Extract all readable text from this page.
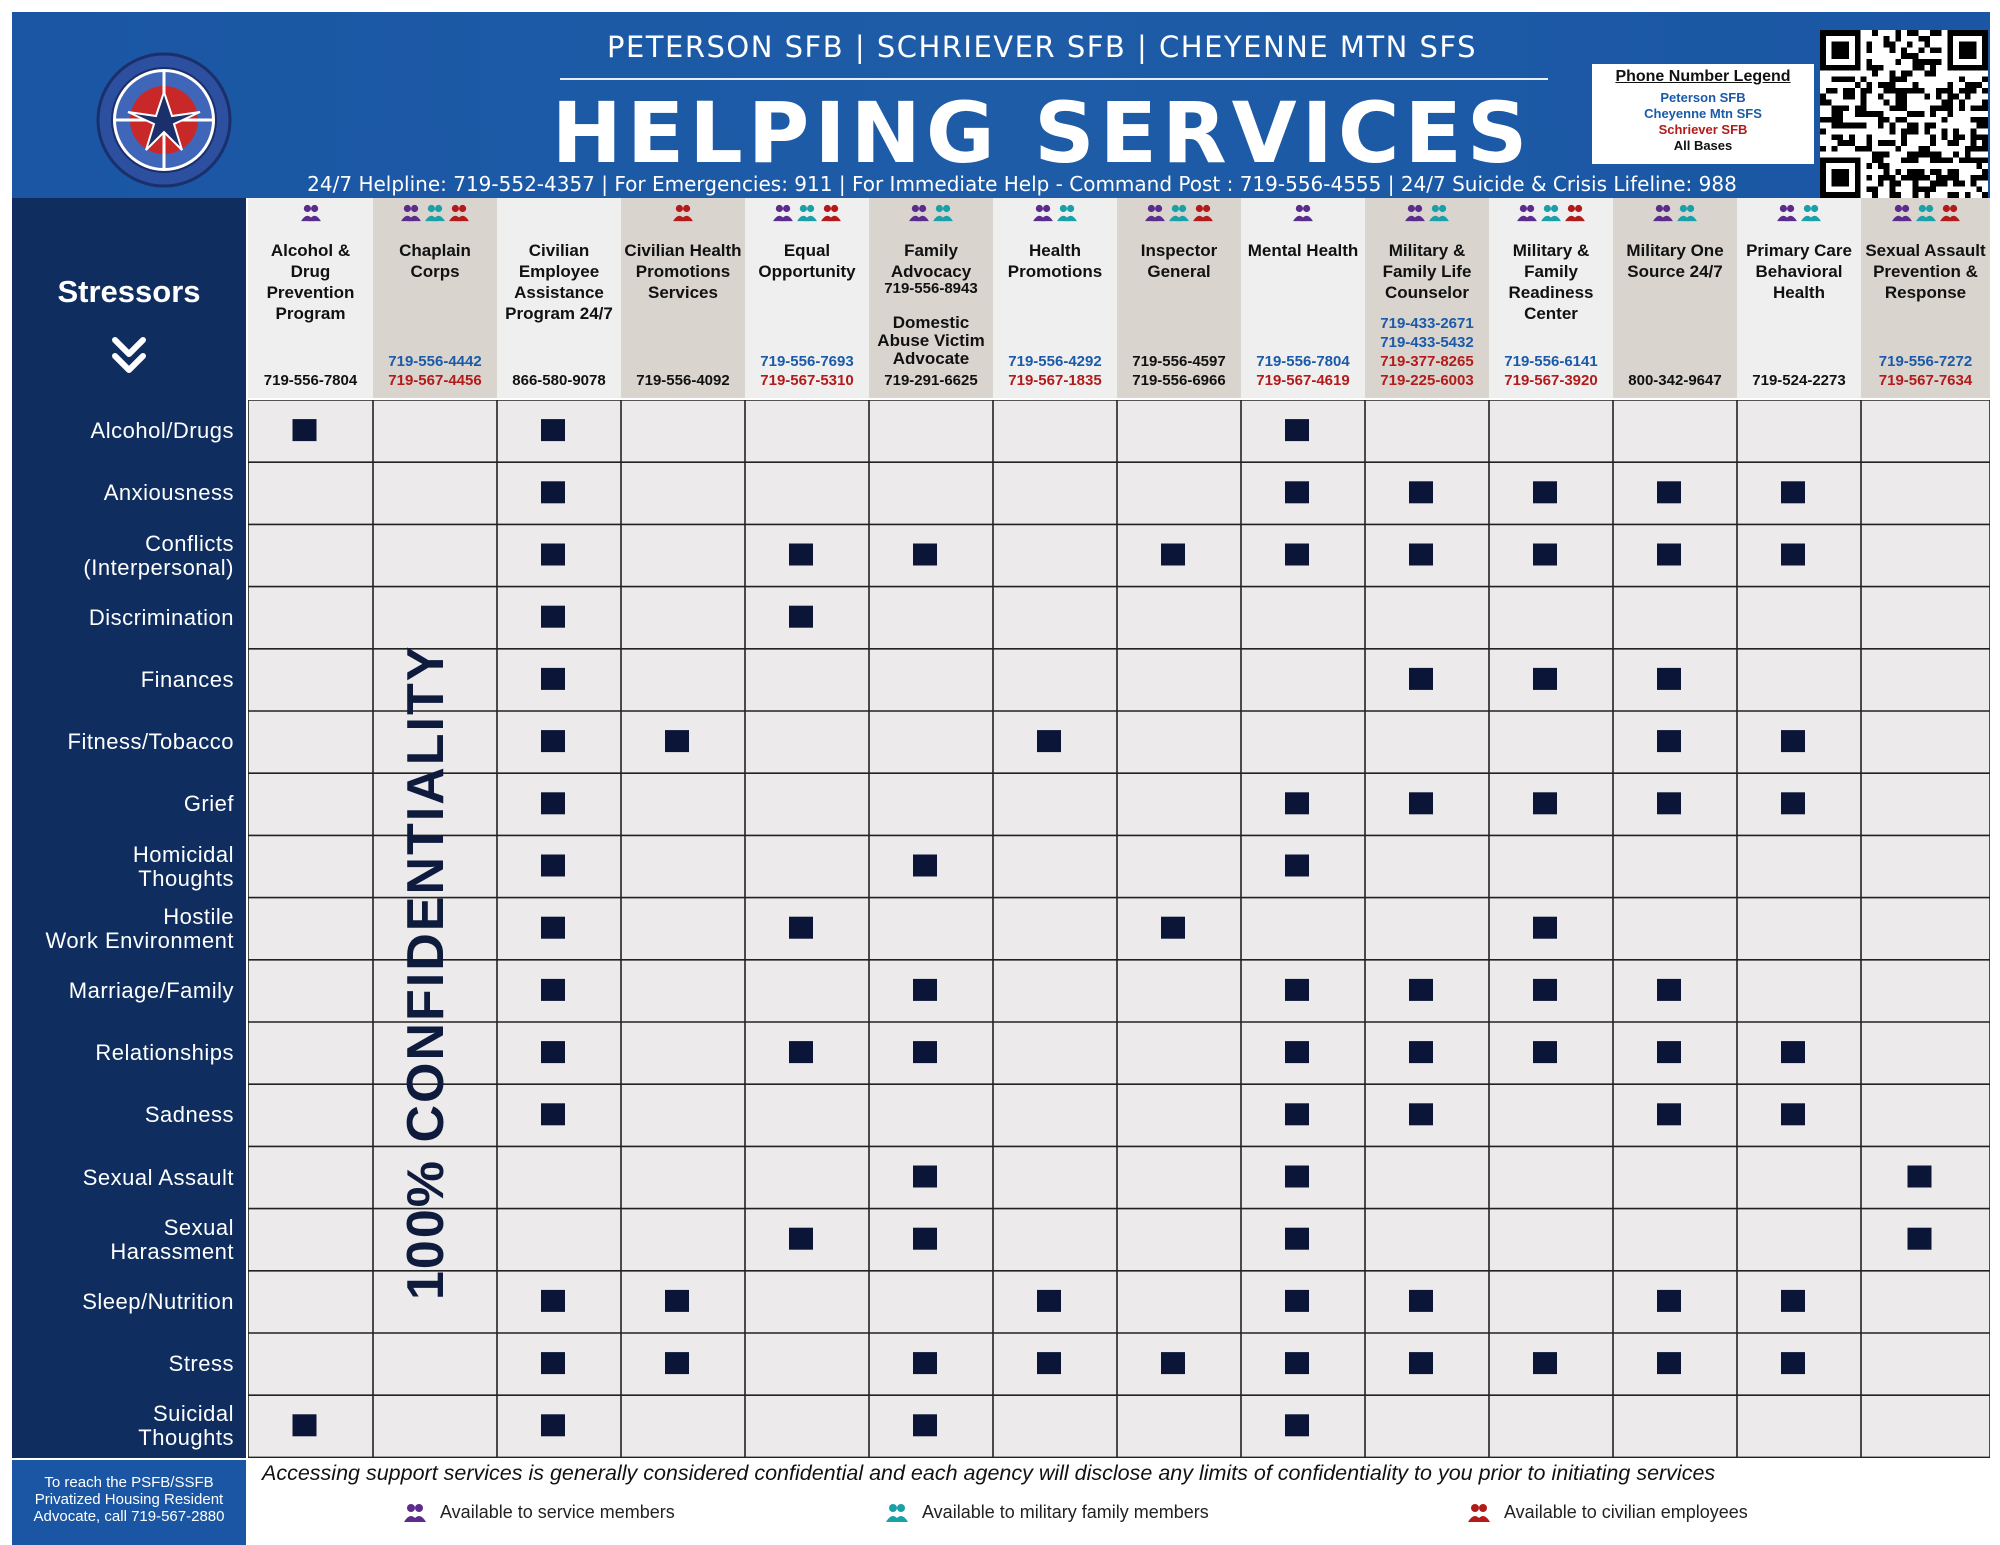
PETERSON SFB | SCHRIEVER SFB | CHEYENNE MTN SFS
HELPING SERVICES
24/7 Helpline: 719-552-4357 | For Emergencies: 911 | For Immediate Help - Command Post : 719-556-4555 | 24/7 Suicide & Crisis Lifeline: 988
Phone Number Legend
Peterson SFB
Cheyenne Mtn SFS
Schriever SFB
All Bases
Stressors
Alcohol/Drugs
Anxiousness
Conflicts
(Interpersonal)
Discrimination
Finances
Fitness/Tobacco
Grief
Homicidal
Thoughts
Hostile
Work Environment
Marriage/Family
Relationships
Sadness
Sexual Assault
Sexual
Harassment
Sleep/Nutrition
Stress
Suicidal
Thoughts
To reach the PSFB/SSFB Privatized Housing Resident Advocate, call 719-567-2880
Alcohol & Drug Prevention Program
719-556-7804
Chaplain Corps
719-556-4442
719-567-4456
Civilian Employee Assistance Program 24/7
866-580-9078
Civilian Health Promotions Services
719-556-4092
Equal Opportunity
719-556-7693
719-567-5310
Family Advocacy
719-556-8943
Domestic Abuse Victim Advocate
719-291-6625
Health Promotions
719-556-4292
719-567-1835
Inspector General
719-556-4597
719-556-6966
Mental Health
719-556-7804
719-567-4619
Military & Family Life Counselor
719-433-2671
719-433-5432
719-377-8265
719-225-6003
Military & Family Readiness Center
719-556-6141
719-567-3920
Military One Source 24/7
800-342-9647
Primary Care Behavioral Health
719-524-2273
Sexual Assault Prevention & Response
719-556-7272
719-567-7634
100% CONFIDENTIALITY
Accessing support services is generally considered confidential and each agency will disclose any limits of confidentiality to you prior to initiating services
Available to service members	Available to military family members	Available to civilian employees
